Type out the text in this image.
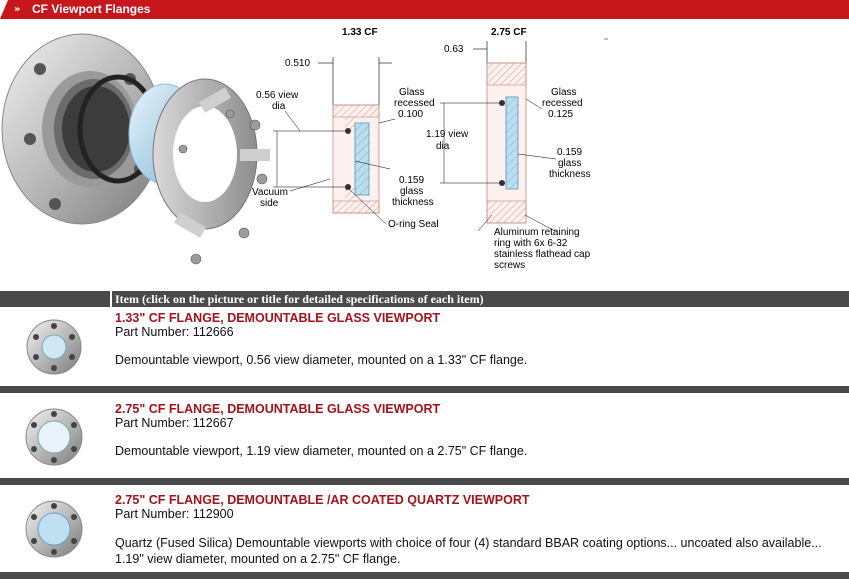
» CF Viewport Flanges
1.33 CF
0.510
0.56 view
dia
Vacuum
side
Glass
recessed
0.100
0.159
glass
thickness
O-ring Seal
2.75 CF
0.63
1.19 view
dia
Glass
recessed
0.125
0.159
glass
thickness
Aluminum retaining
ring with 6x 6-32
stainless flathead cap
screws
Item (click on the picture or title for detailed specifications of each item)
1.33" CF FLANGE, DEMOUNTABLE GLASS VIEWPORT
Part Number: 112666
Demountable viewport, 0.56 view diameter, mounted on a 1.33" CF flange.
2.75" CF FLANGE, DEMOUNTABLE GLASS VIEWPORT
Part Number: 112667
Demountable viewport, 1.19 view diameter, mounted on a 2.75" CF flange.
2.75" CF FLANGE, DEMOUNTABLE /AR COATED QUARTZ VIEWPORT
Part Number: 112900
Quartz (Fused Silica) Demountable viewports with choice of four (4) standard BBAR coating options... uncoated also available... 1.19" view diameter, mounted on a 2.75" CF flange.
